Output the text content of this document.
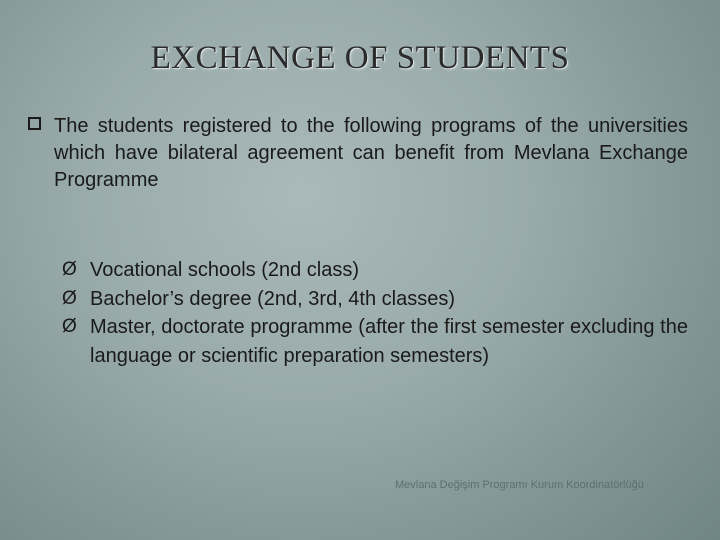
EXCHANGE OF STUDENTS
The students registered to the following programs of the universities which have bilateral agreement can benefit from Mevlana Exchange Programme
Ø Vocational schools (2nd class)
Ø Bachelor’s degree (2nd, 3rd, 4th classes)
Ø Master, doctorate programme (after the first semester excluding the language or scientific preparation semesters)
Mevlana Değişim Programı Kurum Koordinatörlüğü
